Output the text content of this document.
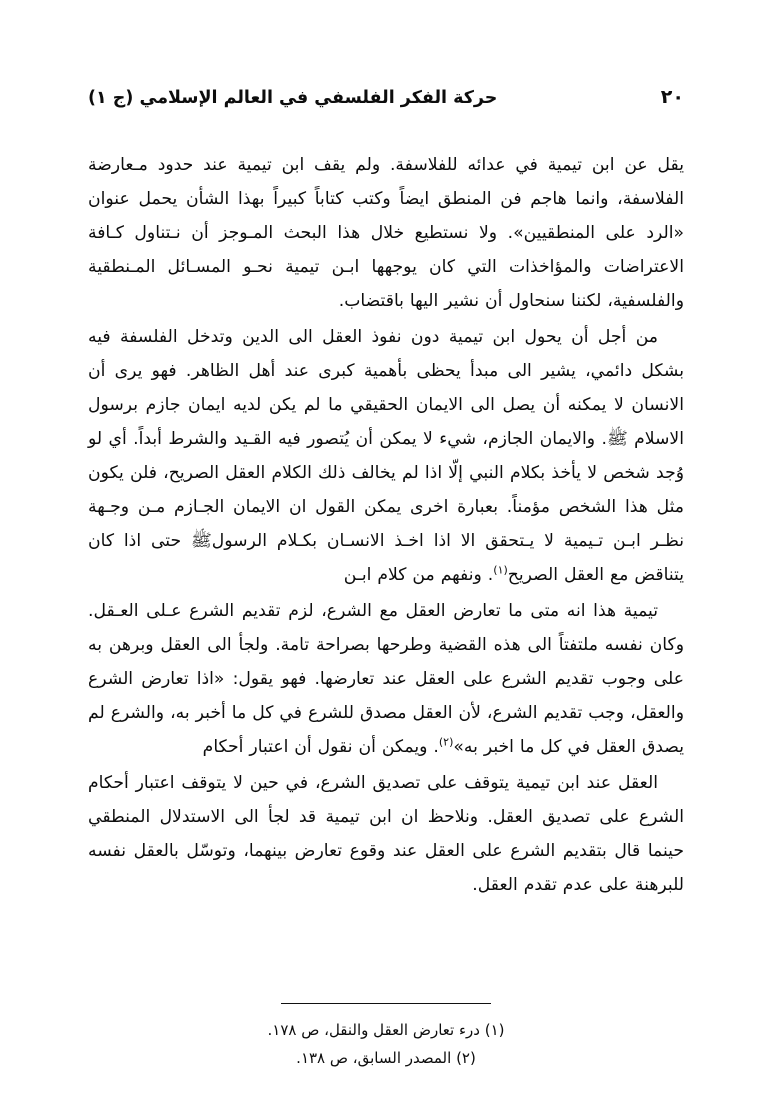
حركة الفكر الفلسفي في العالم الإسلامي (ج ١)	٢٠

يقل عن ابن تيمية في عدائه للفلاسفة. ولم يقف ابن تيمية عند حدود مـعارضة الفلاسفة، وانما هاجم فن المنطق ايضاً وكتب كتاباً كبيراً بهذا الشأن يحمل عنوان «الرد على المنطقيين». ولا نستطيع خلال هذا البحث المـوجز أن نـتناول كـافة الاعتراضات والمؤاخذات التي كان يوجهها ابـن تيمية نحـو المسـائل المـنطقية والفلسفية، لكننا سنحاول أن نشير اليها باقتضاب.

من أجل أن يحول ابن تيمية دون نفوذ العقل الى الدين وتدخل الفلسفة فيه بشكل دائمي، يشير الى مبدأ يحظى بأهمية كبرى عند أهل الظاهر. فهو يرى أن الانسان لا يمكنه أن يصل الى الايمان الحقيقي ما لم يكن لديه ايمان جازم برسول الاسلام ﷺ. والايمان الجازم، شيء لا يمكن أن يُتصور فيه القـيد والشرط أبداً. أي لو وُجد شخص لا يأخذ بكلام النبي إلّا اذا لم يخالف ذلك الكلام العقل الصريح، فلن يكون مثل هذا الشخص مؤمناً. بعبارة اخرى يمكن القول ان الايمان الجـازم مـن وجـهة نظـر ابـن تـيمية لا يـتحقق الا اذا اخـذ الانسـان بكـلام الرسولﷺ حتى اذا كان يتناقض مع العقل الصريح$^{(١)}$. ونفهم من كلام ابـن

تيمية هذا انه متى ما تعارض العقل مع الشرع، لزم تقديم الشرع عـلى العـقل. وكان نفسه ملتفتاً الى هذه القضية وطرحها بصراحة تامة. ولجأ الى العقل وبرهن به على وجوب تقديم الشرع على العقل عند تعارضها. فهو يقول: «اذا تعارض الشرع والعقل، وجب تقديم الشرع، لأن العقل مصدق للشرع في كل ما أخبر به، والشرع لم يصدق العقل في كل ما اخبر به»$^{(٢)}$. ويمكن أن نقول أن اعتبار أحكام

العقل عند ابن تيمية يتوقف على تصديق الشرع، في حين لا يتوقف اعتبار أحكام الشرع على تصديق العقل. ونلاحظ ان ابن تيمية قد لجأ الى الاستدلال المنطقي حينما قال بتقديم الشرع على العقل عند وقوع تعارض بينهما، وتوسّل بالعقل نفسه للبرهنة على عدم تقدم العقل.

(١) درء تعارض العقل والنقل، ص ١٧٨.

(٢) المصدر السابق، ص ١٣٨.
